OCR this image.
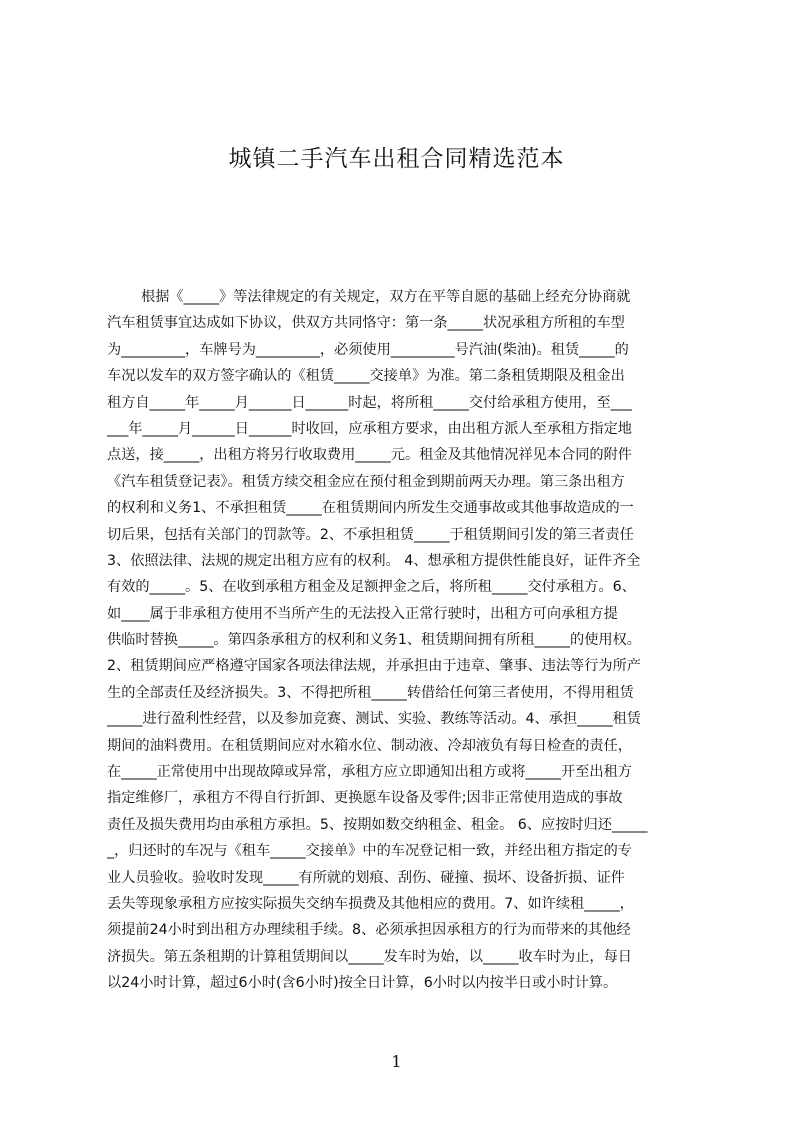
城镇二手汽车出租合同精选范本
根据《_____》等法律规定的有关规定，双方在平等自愿的基础上经充分协商就
汽车租赁事宜达成如下协议，供双方共同恪守：第一条_____状况承租方所租的车型
为_________，车牌号为_________，必须使用_________号汽油(柴油)。租赁_____的
车况以发车的双方签字确认的《租赁_____交接单》为准。第二条租赁期限及租金出
租方自_____年_____月______日______时起，将所租_____交付给承租方使用，至___
___年_____月______日______时收回，应承租方要求，由出租方派人至承租方指定地
点送，接_____，出租方将另行收取费用_____元。租金及其他情况祥见本合同的附件
《汽车租赁登记表》。租赁方续交租金应在预付租金到期前两天办理。第三条出租方
的权利和义务1、不承担租赁_____在租赁期间内所发生交通事故或其他事故造成的一
切后果，包括有关部门的罚款等。2、不承担租赁_____于租赁期间引发的第三者责任
3、依照法律、法规的规定出租方应有的权利。 4、想承租方提供性能良好，证件齐全
有效的_____。5、在收到承租方租金及足额押金之后，将所租_____交付承租方。6、
如____属于非承租方使用不当所产生的无法投入正常行驶时，出租方可向承租方提
供临时替换_____。第四条承租方的权利和义务1、租赁期间拥有所租_____的使用权。
2、租赁期间应严格遵守国家各项法律法规，并承担由于违章、肇事、违法等行为所产
生的全部责任及经济损失。3、不得把所租_____转借给任何第三者使用，不得用租赁
_____进行盈利性经营，以及参加竞赛、测试、实验、教练等活动。4、承担_____租赁
期间的油料费用。在租赁期间应对水箱水位、制动液、冷却液负有每日检查的责任，
在_____正常使用中出现故障或异常，承租方应立即通知出租方或将_____开至出租方
指定维修厂，承租方不得自行折卸、更换愿车设备及零件;因非正常使用造成的事故
责任及损失费用均由承租方承担。5、按期如数交纳租金、租金。 6、应按时归还_____
_，归还时的车况与《租车_____交接单》中的车况登记相一致，并经出租方指定的专
业人员验收。验收时发现_____有所就的划痕、刮伤、碰撞、损坏、设备折损、证件
丢失等现象承租方应按实际损失交纳车损费及其他相应的费用。7、如许续租_____，
须提前24小时到出租方办理续租手续。8、必须承担因承租方的行为而带来的其他经
济损失。第五条租期的计算租赁期间以_____发车时为始，以_____收车时为止，每日
以24小时计算，超过6小时(含6小时)按全日计算，6小时以内按半日或小时计算。
1
